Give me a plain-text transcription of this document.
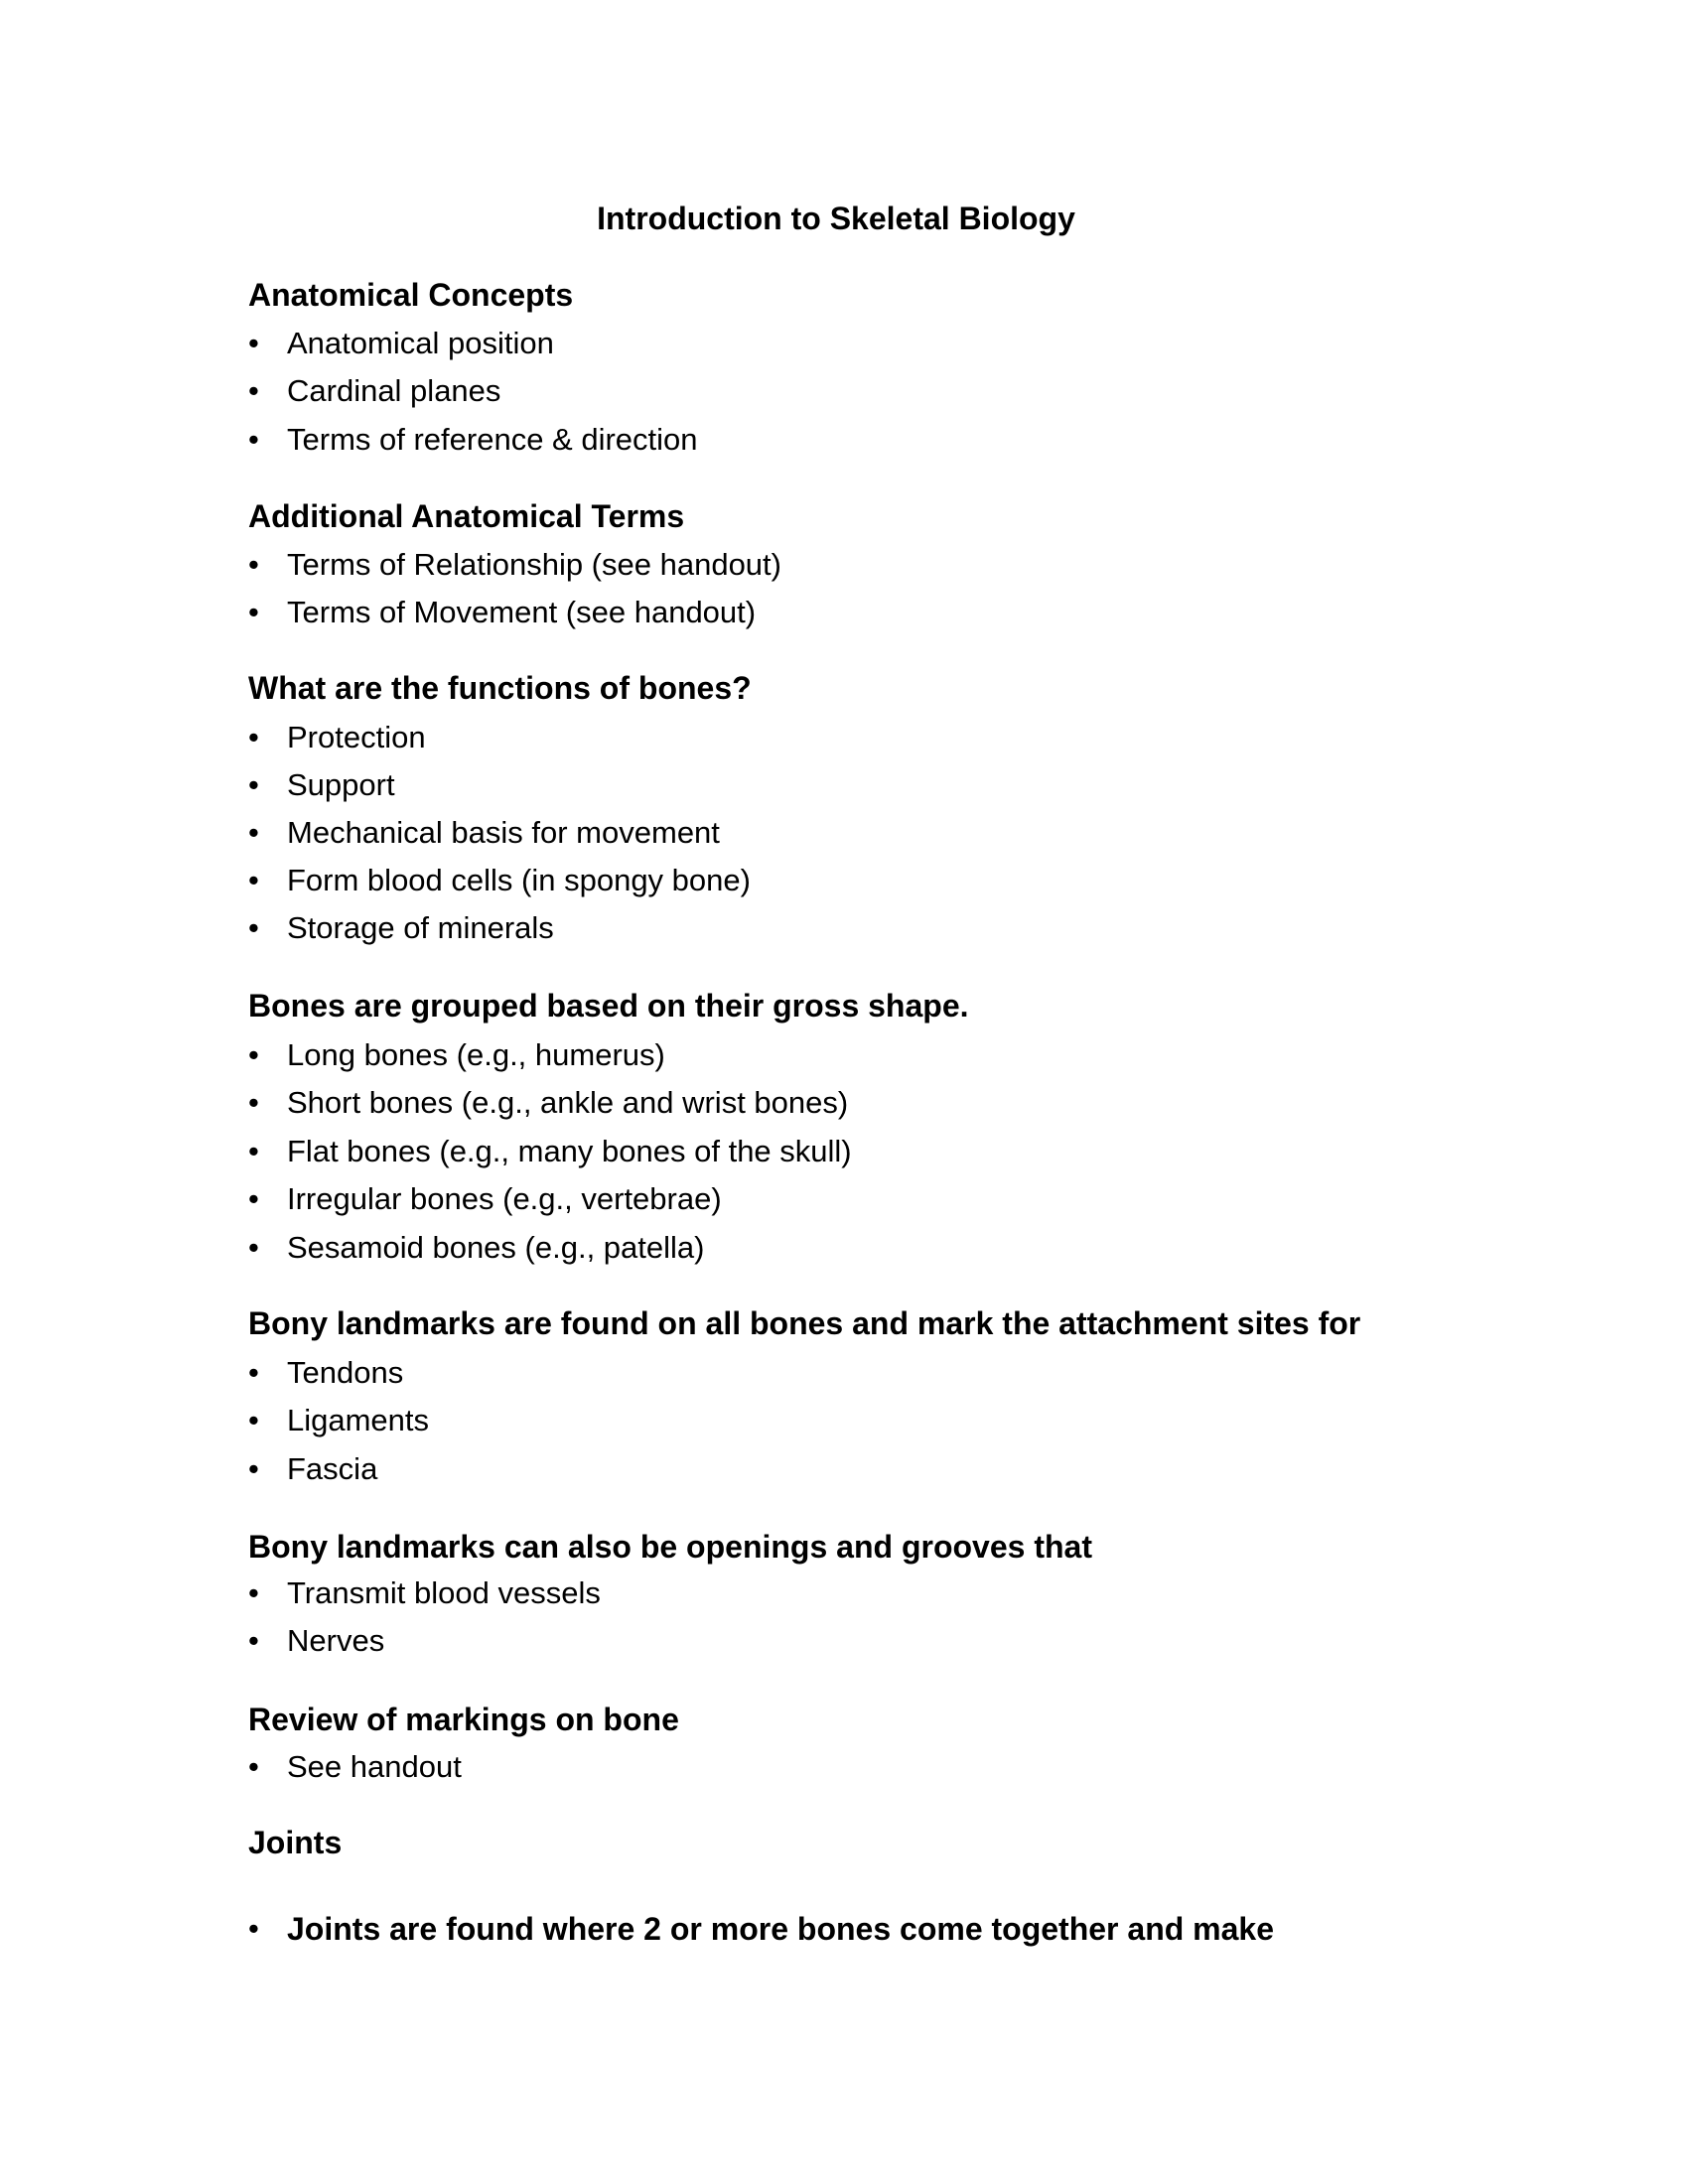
Introduction to Skeletal Biology
Anatomical Concepts
• Anatomical position
• Cardinal planes
• Terms of reference & direction
Additional Anatomical Terms
• Terms of Relationship (see handout)
• Terms of Movement (see handout)
What are the functions of bones?
• Protection
• Support
• Mechanical basis for movement
• Form blood cells (in spongy bone)
• Storage of minerals
Bones are grouped based on their gross shape.
• Long bones (e.g., humerus)
• Short bones (e.g., ankle and wrist bones)
• Flat bones (e.g., many bones of the skull)
• Irregular bones (e.g., vertebrae)
• Sesamoid bones (e.g., patella)
Bony landmarks are found on all bones and mark the attachment sites for
• Tendons
• Ligaments
• Fascia
Bony landmarks can also be openings and grooves that
• Transmit blood vessels
• Nerves
Review of markings on bone
• See handout
Joints
• Joints are found where 2 or more bones come together and make
